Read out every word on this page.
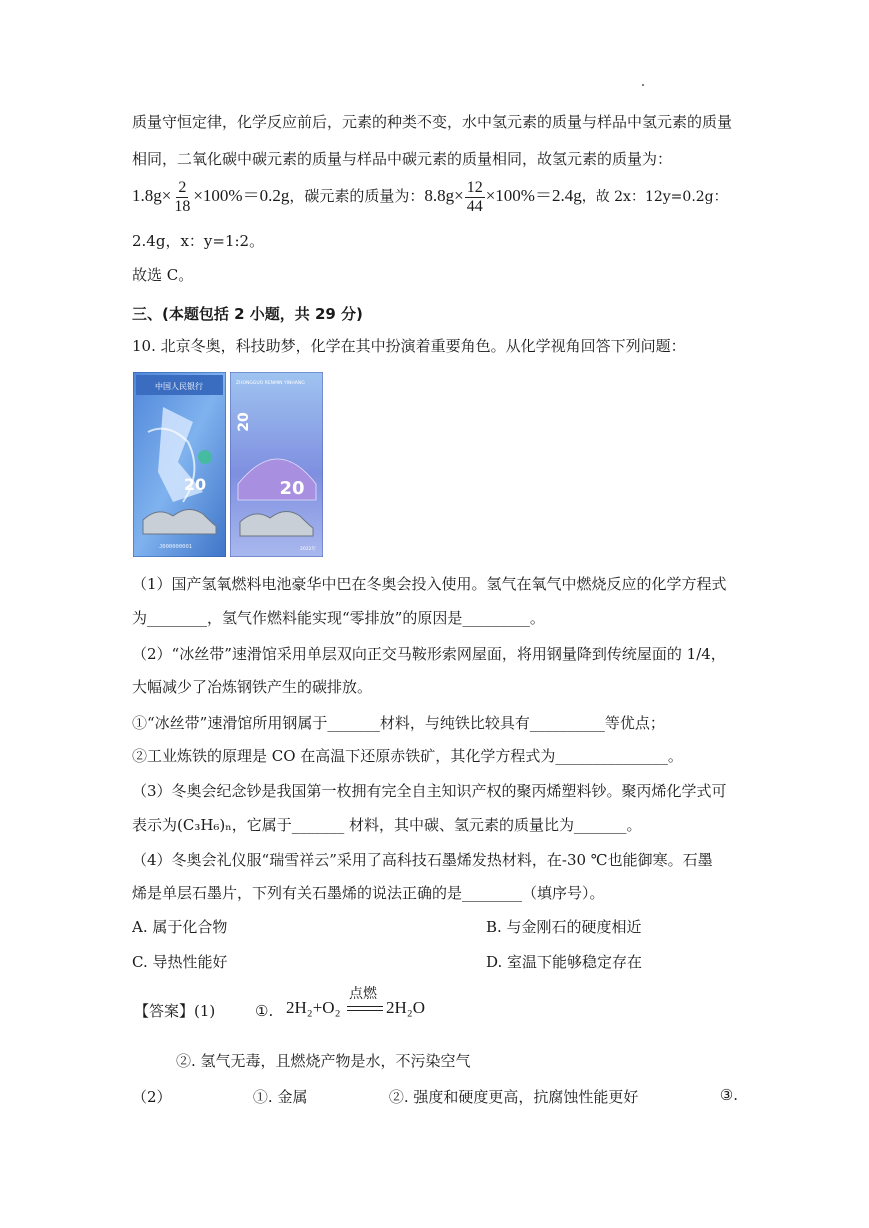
质量守恒定律，化学反应前后，元素的种类不变，水中氢元素的质量与样品中氢元素的质量
相同，二氧化碳中碳元素的质量与样品中碳元素的质量相同，故氢元素的质量为：
$1.8g\times \frac{2}{18} \times 100\%=0.2g$，碳元素的质量为：$8.8g\times \frac{12}{44} \times 100\%=2.4g$，故 2x：12y=0.2g：
2.4g，x：y=1:2。
故选 C。
三、(本题包括 2 小题，共 29 分)
10. 北京冬奥，科技助梦，化学在其中扮演着重要角色。从化学视角回答下列问题：
中国人民银行
20
J000000001
ZHONGGUO RENMIN YINHANG
20
20
2022年
（1）国产氢氧燃料电池豪华中巴在冬奥会投入使用。氢气在氧气中燃烧反应的化学方程式
为________，氢气作燃料能实现“零排放”的原因是_________。
（2）“冰丝带”速滑馆采用单层双向正交马鞍形索网屋面，将用钢量降到传统屋面的 1/4，
大幅减少了冶炼钢铁产生的碳排放。
①“冰丝带”速滑馆所用钢属于_______材料，与纯铁比较具有__________等优点；
②工业炼铁的原理是 CO 在高温下还原赤铁矿，其化学方程式为_______________。
（3）冬奥会纪念钞是我国第一枚拥有完全自主知识产权的聚丙烯塑料钞。聚丙烯化学式可
表示为(C₃H₆)ₙ，它属于_______ 材料，其中碳、氢元素的质量比为_______。
（4）冬奥会礼仪服“瑞雪祥云”采用了高科技石墨烯发热材料，在-30 ℃也能御寒。石墨
烯是单层石墨片，下列有关石墨烯的说法正确的是________（填序号）。
A. 属于化合物	B. 与金刚石的硬度相近
C. 导热性能好	D. 室温下能够稳定存在
【答案】(1)	①. 2H₂+O₂
点燃
2H₂O
②. 氢气无毒，且燃烧产物是水，不污染空气
（2）	①. 金属	②. 强度和硬度更高，抗腐蚀性能更好	③.
